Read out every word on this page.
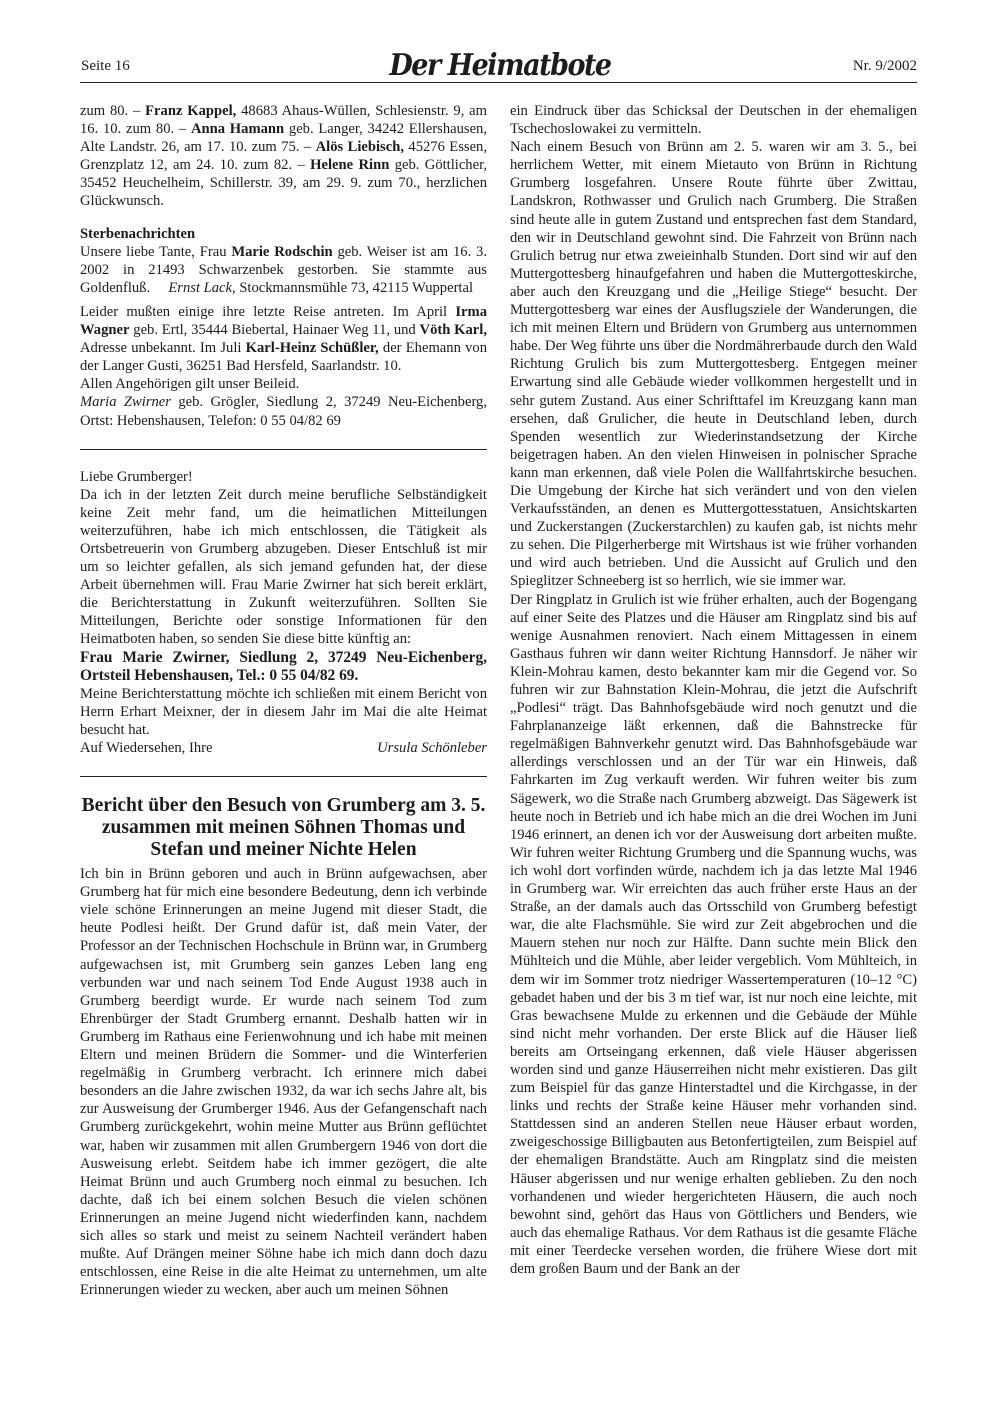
Seite 16	Der Heimatbote	Nr. 9/2002

zum 80. – Franz Kappel, 48683 Ahaus-Wüllen, Schlesienstr. 9, am 16. 10. zum 80. – Anna Hamann geb. Langer, 34242 Ellershausen, Alte Landstr. 26, am 17. 10. zum 75. – Alös Liebisch, 45276 Essen, Grenzplatz 12, am 24. 10. zum 82. – Helene Rinn geb. Göttlicher, 35452 Heuchelheim, Schillerstr. 39, am 29. 9. zum 70., herzlichen Glückwunsch.

Sterbenachrichten

Unsere liebe Tante, Frau Marie Rodschin geb. Weiser ist am 16. 3. 2002 in 21493 Schwarzenbek gestorben. Sie stammte aus Goldenfluß.     Ernst Lack, Stockmannsmühle 73, 42115 Wuppertal

Leider mußten einige ihre letzte Reise antreten. Im April Irma Wagner geb. Ertl, 35444 Biebertal, Hainaer Weg 11, und Vöth Karl, Adresse unbekannt. Im Juli Karl-Heinz Schüßler, der Ehemann von der Langer Gusti, 36251 Bad Hersfeld, Saarlandstr. 10.

Allen Angehörigen gilt unser Beileid.

Maria Zwirner geb. Grögler, Siedlung 2, 37249 Neu-Eichenberg, Ortst: Hebenshausen, Telefon: 0 55 04/82 69

Liebe Grumberger!

Da ich in der letzten Zeit durch meine berufliche Selbständigkeit keine Zeit mehr fand, um die heimatlichen Mitteilungen weiterzuführen, habe ich mich entschlossen, die Tätigkeit als Ortsbetreuerin von Grumberg abzugeben. Dieser Entschluß ist mir um so leichter gefallen, als sich jemand gefunden hat, der diese Arbeit übernehmen will. Frau Marie Zwirner hat sich bereit erklärt, die Berichterstattung in Zukunft weiterzuführen. Sollten Sie Mitteilungen, Berichte oder sonstige Informationen für den Heimatboten haben, so senden Sie diese bitte künftig an:

Frau Marie Zwirner, Siedlung 2, 37249 Neu-Eichenberg, Ortsteil Hebenshausen, Tel.: 0 55 04/82 69.

Meine Berichterstattung möchte ich schließen mit einem Bericht von Herrn Erhart Meixner, der in diesem Jahr im Mai die alte Heimat besucht hat.

Auf Wiedersehen, Ihre	Ursula Schönleber
Bericht über den Besuch von Grumberg am 3. 5. zusammen mit meinen Söhnen Thomas und Stefan und meiner Nichte Helen

Ich bin in Brünn geboren und auch in Brünn aufgewachsen, aber Grumberg hat für mich eine besondere Bedeutung, denn ich verbinde viele schöne Erinnerungen an meine Jugend mit dieser Stadt, die heute Podlesi heißt. Der Grund dafür ist, daß mein Vater, der Professor an der Technischen Hochschule in Brünn war, in Grumberg aufgewachsen ist, mit Grumberg sein ganzes Leben lang eng verbunden war und nach seinem Tod Ende August 1938 auch in Grumberg beerdigt wurde. Er wurde nach seinem Tod zum Ehrenbürger der Stadt Grumberg ernannt. Deshalb hatten wir in Grumberg im Rathaus eine Ferienwohnung und ich habe mit meinen Eltern und meinen Brüdern die Sommer- und die Winterferien regelmäßig in Grumberg verbracht. Ich erinnere mich dabei besonders an die Jahre zwischen 1932, da war ich sechs Jahre alt, bis zur Ausweisung der Grumberger 1946. Aus der Gefangenschaft nach Grumberg zurückgekehrt, wohin meine Mutter aus Brünn geflüchtet war, haben wir zusammen mit allen Grumbergern 1946 von dort die Ausweisung erlebt. Seitdem habe ich immer gezögert, die alte Heimat Brünn und auch Grumberg noch einmal zu besuchen. Ich dachte, daß ich bei einem solchen Besuch die vielen schönen Erinnerungen an meine Jugend nicht wiederfinden kann, nachdem sich alles so stark und meist zu seinem Nachteil verändert haben mußte. Auf Drängen meiner Söhne habe ich mich dann doch dazu entschlossen, eine Reise in die alte Heimat zu unternehmen, um alte Erinnerungen wieder zu wecken, aber auch um meinen Söhnen

ein Eindruck über das Schicksal der Deutschen in der ehemaligen Tschechoslowakei zu vermitteln.

Nach einem Besuch von Brünn am 2. 5. waren wir am 3. 5., bei herrlichem Wetter, mit einem Mietauto von Brünn in Richtung Grumberg losgefahren. Unsere Route führte über Zwittau, Landskron, Rothwasser und Grulich nach Grumberg. Die Straßen sind heute alle in gutem Zustand und entsprechen fast dem Standard, den wir in Deutschland gewohnt sind. Die Fahrzeit von Brünn nach Grulich betrug nur etwa zweieinhalb Stunden. Dort sind wir auf den Muttergottesberg hinaufgefahren und haben die Muttergotteskirche, aber auch den Kreuzgang und die „Heilige Stiege“ besucht. Der Muttergottesberg war eines der Ausflugsziele der Wanderungen, die ich mit meinen Eltern und Brüdern von Grumberg aus unternommen habe. Der Weg führte uns über die Nordmährerbaude durch den Wald Richtung Grulich bis zum Muttergottesberg. Entgegen meiner Erwartung sind alle Gebäude wieder vollkommen hergestellt und in sehr gutem Zustand. Aus einer Schrifttafel im Kreuzgang kann man ersehen, daß Grulicher, die heute in Deutschland leben, durch Spenden wesentlich zur Wiederinstandsetzung der Kirche beigetragen haben. An den vielen Hinweisen in polnischer Sprache kann man erkennen, daß viele Polen die Wallfahrtskirche besuchen. Die Umgebung der Kirche hat sich verändert und von den vielen Verkaufsständen, an denen es Muttergottesstatuen, Ansichtskarten und Zuckerstangen (Zuckerstarchlen) zu kaufen gab, ist nichts mehr zu sehen. Die Pilgerherberge mit Wirtshaus ist wie früher vorhanden und wird auch betrieben. Und die Aussicht auf Grulich und den Spieglitzer Schneeberg ist so herrlich, wie sie immer war.

Der Ringplatz in Grulich ist wie früher erhalten, auch der Bogengang auf einer Seite des Platzes und die Häuser am Ringplatz sind bis auf wenige Ausnahmen renoviert. Nach einem Mittagessen in einem Gasthaus fuhren wir dann weiter Richtung Hannsdorf. Je näher wir Klein-Mohrau kamen, desto bekannter kam mir die Gegend vor. So fuhren wir zur Bahnstation Klein-Mohrau, die jetzt die Aufschrift „Podlesi“ trägt. Das Bahnhofsgebäude wird noch genutzt und die Fahrplananzeige läßt erkennen, daß die Bahnstrecke für regelmäßigen Bahnverkehr genutzt wird. Das Bahnhofsgebäude war allerdings verschlossen und an der Tür war ein Hinweis, daß Fahrkarten im Zug verkauft werden. Wir fuhren weiter bis zum Sägewerk, wo die Straße nach Grumberg abzweigt. Das Sägewerk ist heute noch in Betrieb und ich habe mich an die drei Wochen im Juni 1946 erinnert, an denen ich vor der Ausweisung dort arbeiten mußte. Wir fuhren weiter Richtung Grumberg und die Spannung wuchs, was ich wohl dort vorfinden würde, nachdem ich ja das letzte Mal 1946 in Grumberg war. Wir erreichten das auch früher erste Haus an der Straße, an der damals auch das Ortsschild von Grumberg befestigt war, die alte Flachsmühle. Sie wird zur Zeit abgebrochen und die Mauern stehen nur noch zur Hälfte. Dann suchte mein Blick den Mühlteich und die Mühle, aber leider vergeblich. Vom Mühlteich, in dem wir im Sommer trotz niedriger Wassertemperaturen (10–12 °C) gebadet haben und der bis 3 m tief war, ist nur noch eine leichte, mit Gras bewachsene Mulde zu erkennen und die Gebäude der Mühle sind nicht mehr vorhanden. Der erste Blick auf die Häuser ließ bereits am Ortseingang erkennen, daß viele Häuser abgerissen worden sind und ganze Häuserreihen nicht mehr existieren. Das gilt zum Beispiel für das ganze Hinterstadtel und die Kirchgasse, in der links und rechts der Straße keine Häuser mehr vorhanden sind. Stattdessen sind an anderen Stellen neue Häuser erbaut worden, zweigeschossige Billigbauten aus Betonfertigteilen, zum Beispiel auf der ehemaligen Brandstätte. Auch am Ringplatz sind die meisten Häuser abgerissen und nur wenige erhalten geblieben. Zu den noch vorhandenen und wieder hergerichteten Häusern, die auch noch bewohnt sind, gehört das Haus von Göttlichers und Benders, wie auch das ehemalige Rathaus. Vor dem Rathaus ist die gesamte Fläche mit einer Teerdecke versehen worden, die frühere Wiese dort mit dem großen Baum und der Bank an der
